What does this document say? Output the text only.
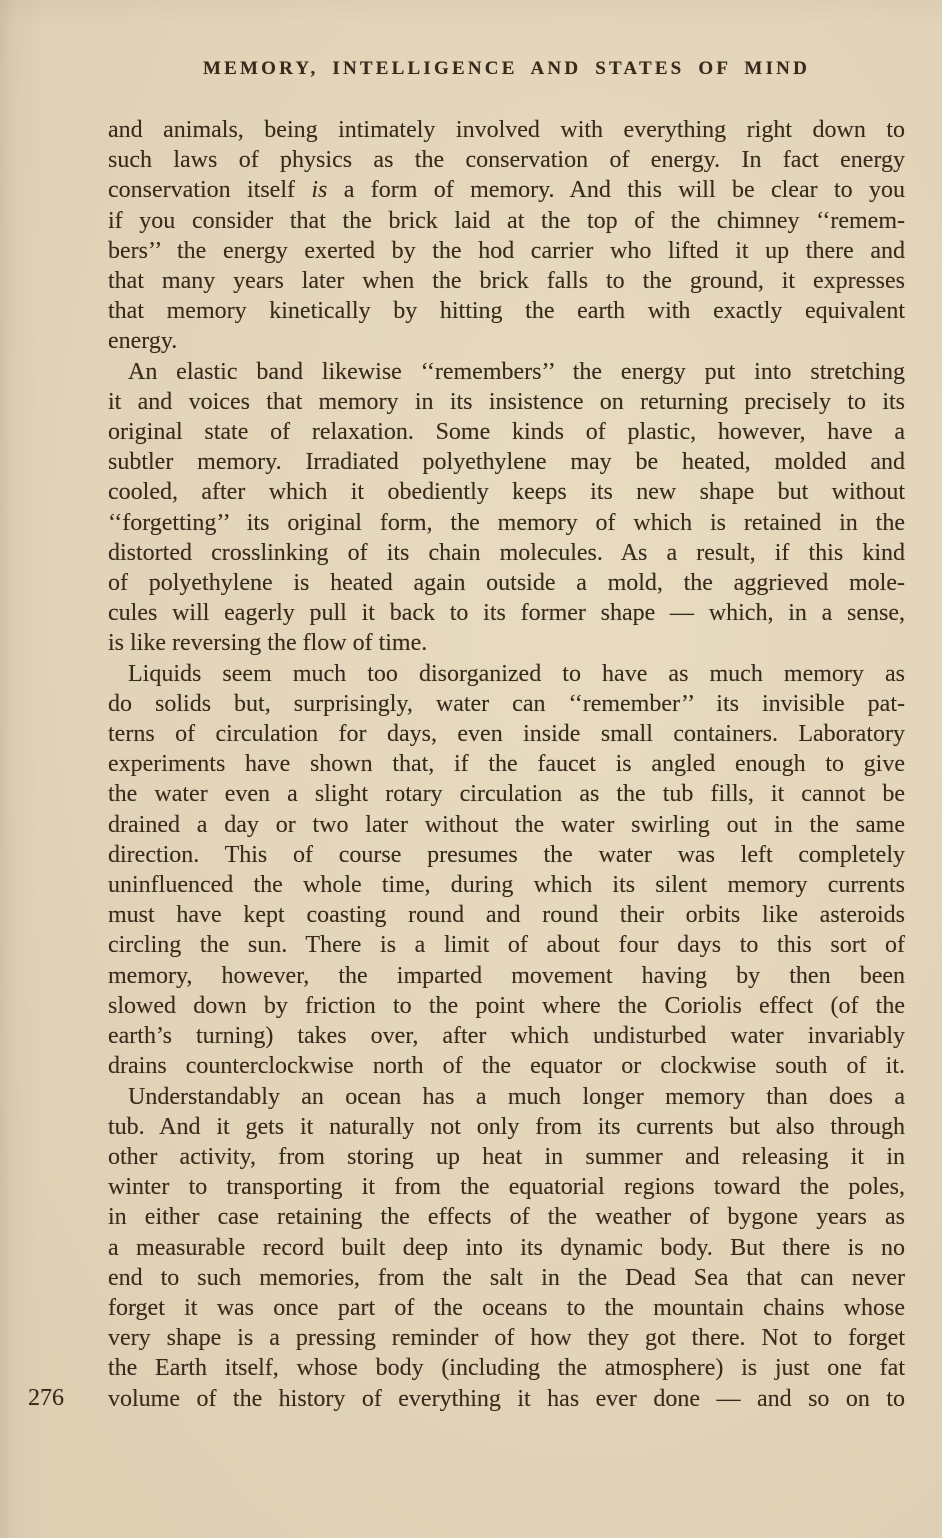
MEMORY, INTELLIGENCE AND STATES OF MIND

and animals, being intimately involved with everything right down to
such laws of physics as the conservation of energy. In fact energy
conservation itself is a form of memory. And this will be clear to you
if you consider that the brick laid at the top of the chimney ‘‘remem-
bers’’ the energy exerted by the hod carrier who lifted it up there and
that many years later when the brick falls to the ground, it expresses
that memory kinetically by hitting the earth with exactly equivalent
energy.

An elastic band likewise ‘‘remembers’’ the energy put into stretching
it and voices that memory in its insistence on returning precisely to its
original state of relaxation. Some kinds of plastic, however, have a
subtler memory. Irradiated polyethylene may be heated, molded and
cooled, after which it obediently keeps its new shape but without
‘‘forgetting’’ its original form, the memory of which is retained in the
distorted crosslinking of its chain molecules. As a result, if this kind
of polyethylene is heated again outside a mold, the aggrieved mole-
cules will eagerly pull it back to its former shape — which, in a sense,
is like reversing the flow of time.

Liquids seem much too disorganized to have as much memory as
do solids but, surprisingly, water can ‘‘remember’’ its invisible pat-
terns of circulation for days, even inside small containers. Laboratory
experiments have shown that, if the faucet is angled enough to give
the water even a slight rotary circulation as the tub fills, it cannot be
drained a day or two later without the water swirling out in the same
direction. This of course presumes the water was left completely
uninfluenced the whole time, during which its silent memory currents
must have kept coasting round and round their orbits like asteroids
circling the sun. There is a limit of about four days to this sort of
memory, however, the imparted movement having by then been
slowed down by friction to the point where the Coriolis effect (of the
earth’s turning) takes over, after which undisturbed water invariably
drains counterclockwise north of the equator or clockwise south of it.

Understandably an ocean has a much longer memory than does a
tub. And it gets it naturally not only from its currents but also through
other activity, from storing up heat in summer and releasing it in
winter to transporting it from the equatorial regions toward the poles,
in either case retaining the effects of the weather of bygone years as
a measurable record built deep into its dynamic body. But there is no
end to such memories, from the salt in the Dead Sea that can never
forget it was once part of the oceans to the mountain chains whose
very shape is a pressing reminder of how they got there. Not to forget
the Earth itself, whose body (including the atmosphere) is just one fat
volume of the history of everything it has ever done — and so on to

276
